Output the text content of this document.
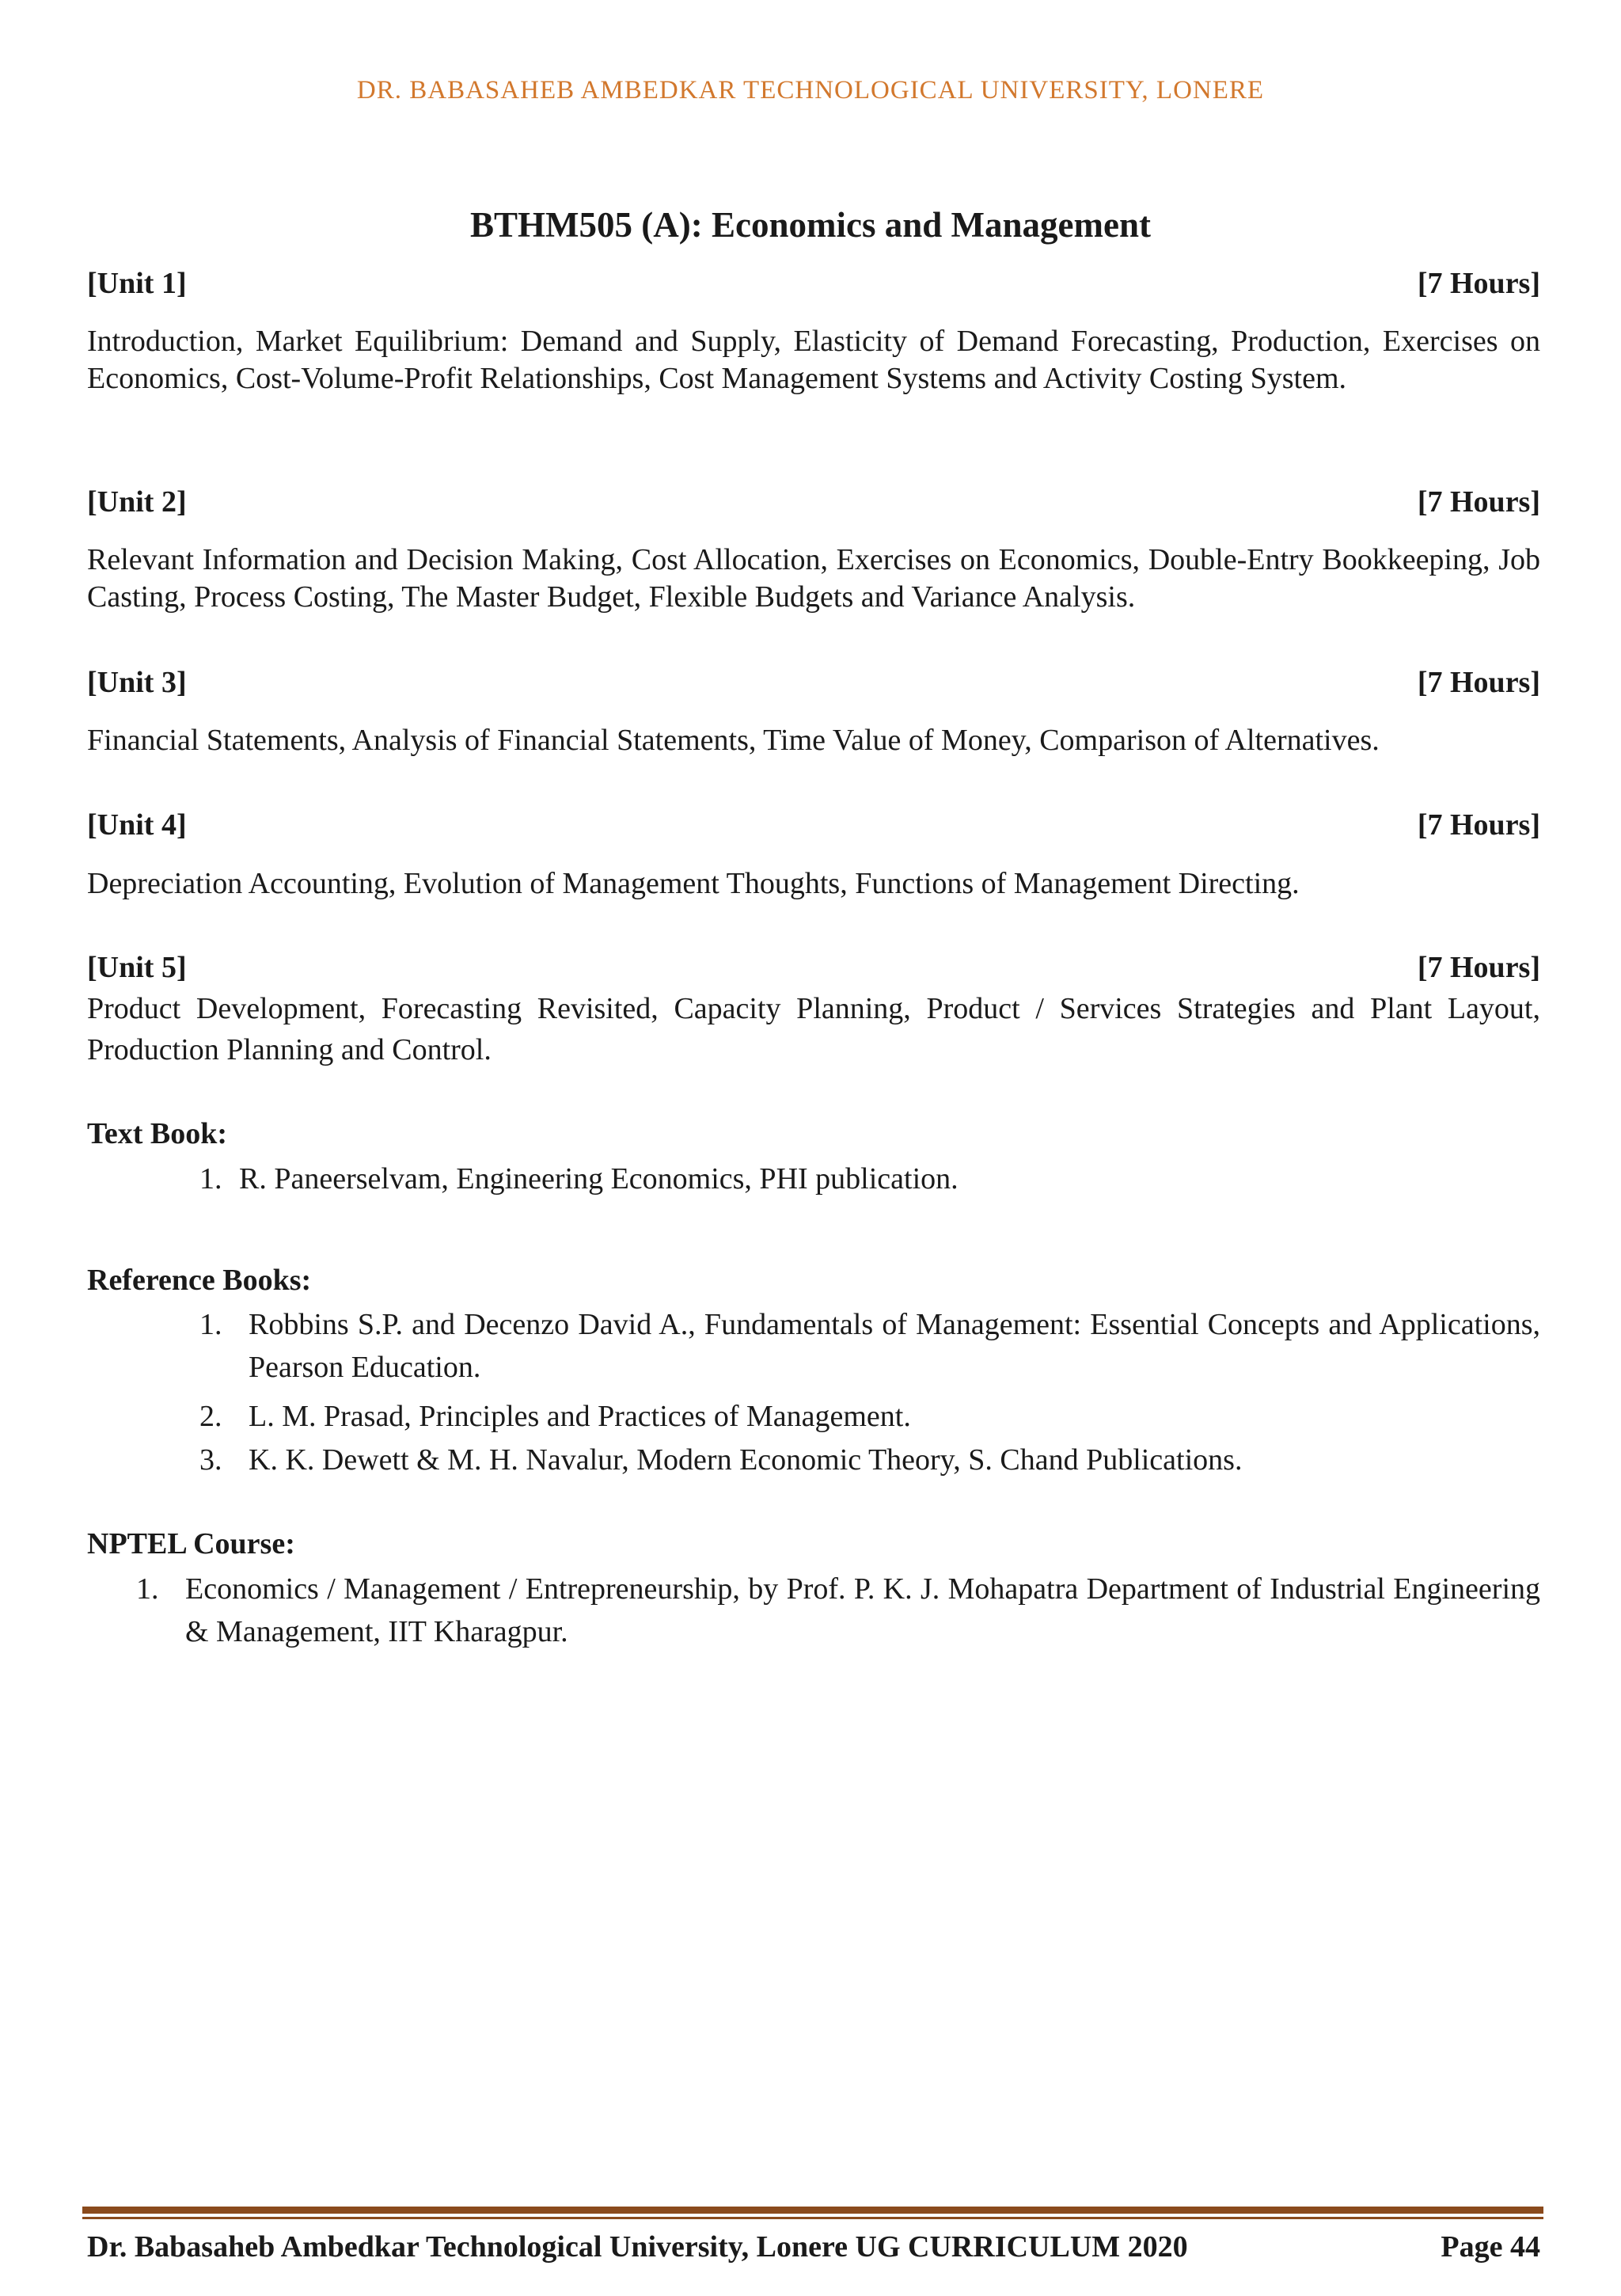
DR. BABASAHEB AMBEDKAR TECHNOLOGICAL UNIVERSITY, LONERE
BTHM505 (A): Economics and Management
[Unit 1]	[7 Hours]
Introduction, Market Equilibrium: Demand and Supply, Elasticity of Demand Forecasting, Production, Exercises on Economics, Cost-Volume-Profit Relationships, Cost Management Systems and Activity Costing System.
[Unit 2]	[7 Hours]
Relevant Information and Decision Making, Cost Allocation, Exercises on Economics, Double-Entry Bookkeeping, Job Casting, Process Costing, The Master Budget, Flexible Budgets and Variance Analysis.
[Unit 3]	[7 Hours]
Financial Statements, Analysis of Financial Statements, Time Value of Money, Comparison of Alternatives.
[Unit 4]	[7 Hours]
Depreciation Accounting, Evolution of Management Thoughts, Functions of Management Directing.
[Unit 5]	[7 Hours]
Product Development, Forecasting Revisited, Capacity Planning, Product / Services Strategies and Plant Layout, Production Planning and Control.
Text Book:
1. R. Paneerselvam, Engineering Economics, PHI publication.
Reference Books:
1. Robbins S.P. and Decenzo David A., Fundamentals of Management: Essential Concepts and Applications, Pearson Education.
2. L. M. Prasad, Principles and Practices of Management.
3. K. K. Dewett & M. H. Navalur, Modern Economic Theory, S. Chand Publications.
NPTEL Course:
1. Economics / Management / Entrepreneurship, by Prof. P. K. J. Mohapatra Department of Industrial Engineering & Management, IIT Kharagpur.
Dr. Babasaheb Ambedkar Technological University, Lonere UG CURRICULUM 2020	Page 44
